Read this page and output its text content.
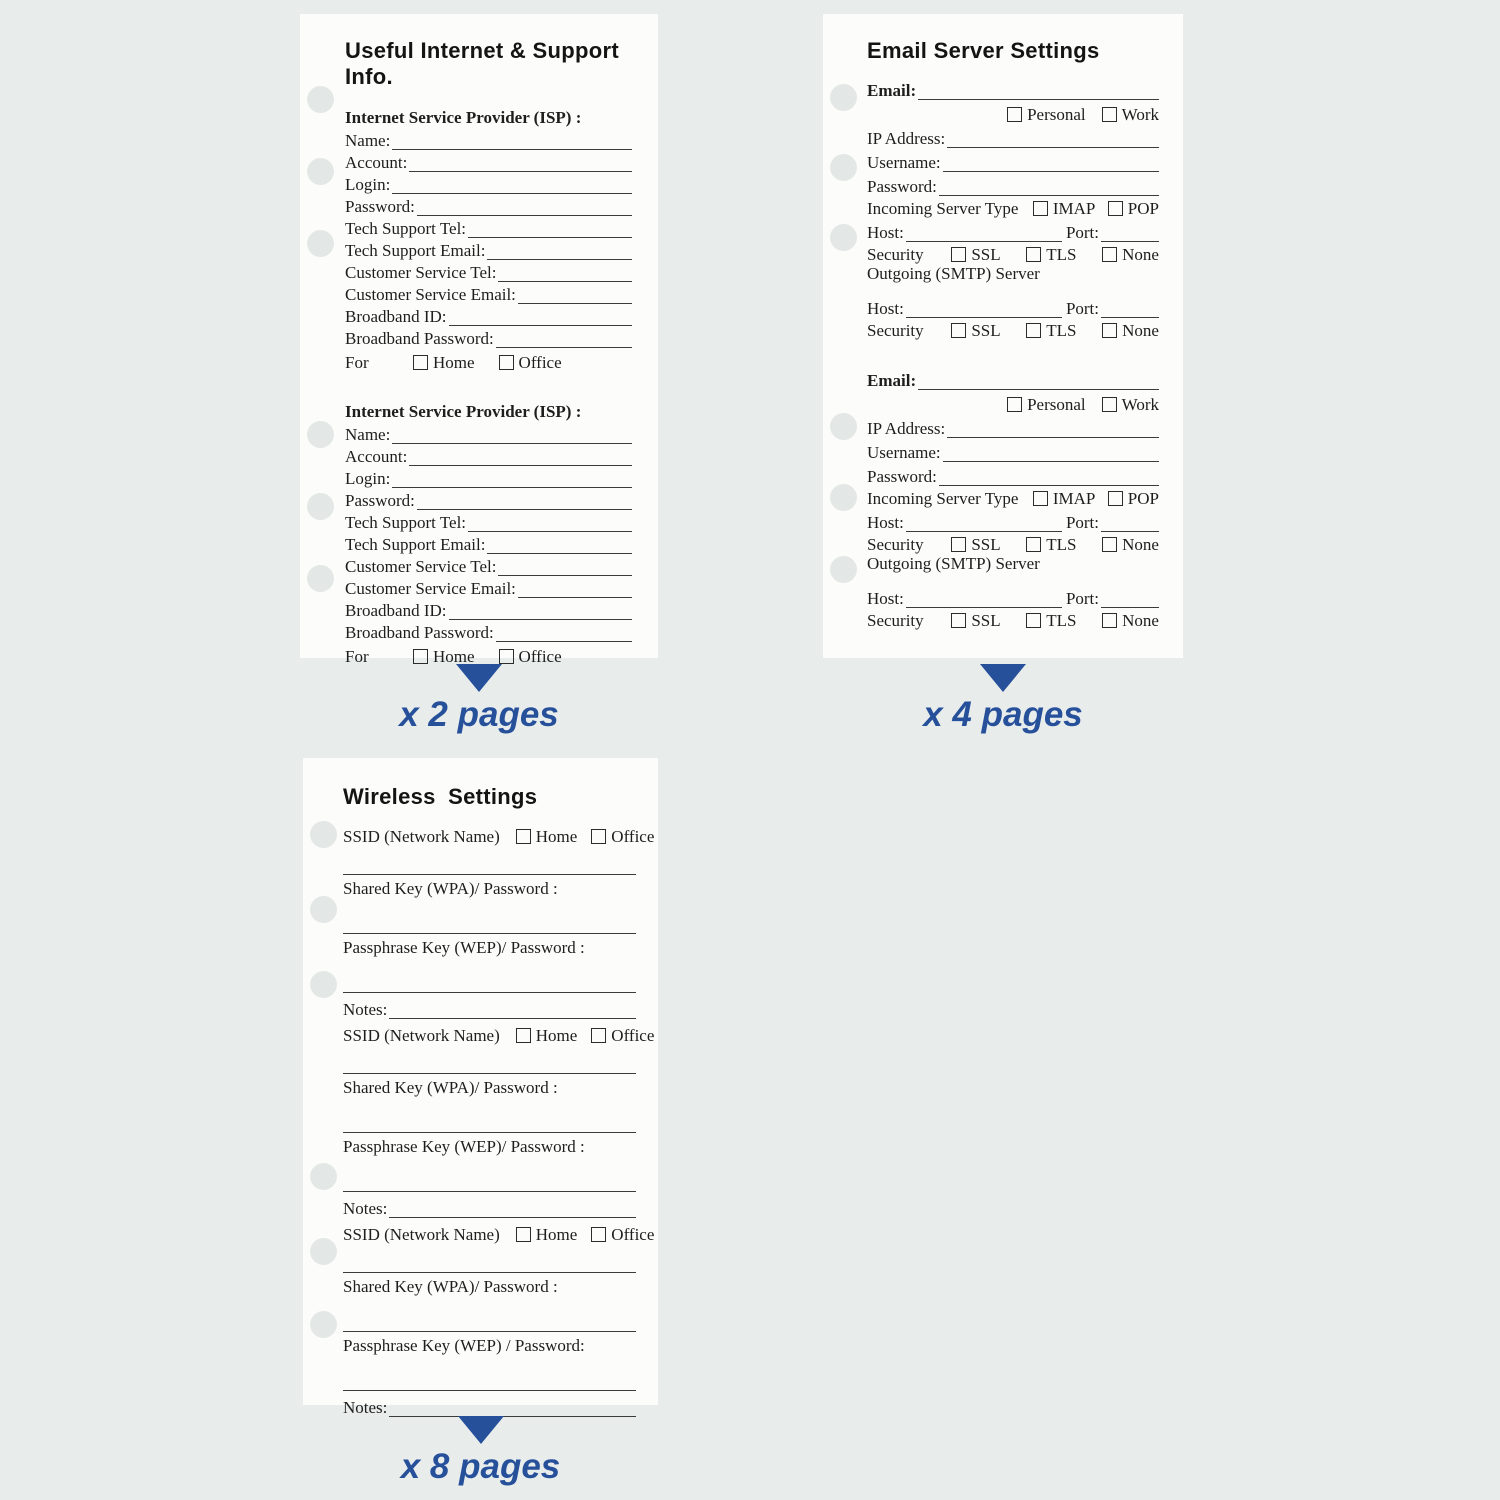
Useful Internet & Support Info.
Internet Service Provider (ISP) :
Name:
Account:
Login:
Password:
Tech Support Tel:
Tech Support Email:
Customer Service Tel:
Customer Service Email:
Broadband ID:
Broadband Password:
For	Home	Office
Internet Service Provider (ISP) :
Name:
Account:
Login:
Password:
Tech Support Tel:
Tech Support Email:
Customer Service Tel:
Customer Service Email:
Broadband ID:
Broadband Password:
For	Home	Office
Email Server Settings
Email:
Personal Work
IP Address:
Username:
Password:
Incoming Server Type IMAP POP
Host:	Port:
Security	SSL	TLS	None
Outgoing (SMTP) Server
Host:	Port:
Security	SSL	TLS	None
Email:
Personal Work
IP Address:
Username:
Password:
Incoming Server Type IMAP POP
Host:	Port:
Security	SSL	TLS	None
Outgoing (SMTP) Server
Host:	Port:
Security	SSL	TLS	None
Wireless Settings
SSID (Network Name) Home Office
Shared Key (WPA)/ Password :
Passphrase Key (WEP)/ Password :
Notes:
SSID (Network Name) Home Office
Shared Key (WPA)/ Password :
Passphrase Key (WEP)/ Password :
Notes:
SSID (Network Name) Home Office
Shared Key (WPA)/ Password :
Passphrase Key (WEP) / Password:
Notes:
x 2 pages	x 4 pages
x 8 pages
